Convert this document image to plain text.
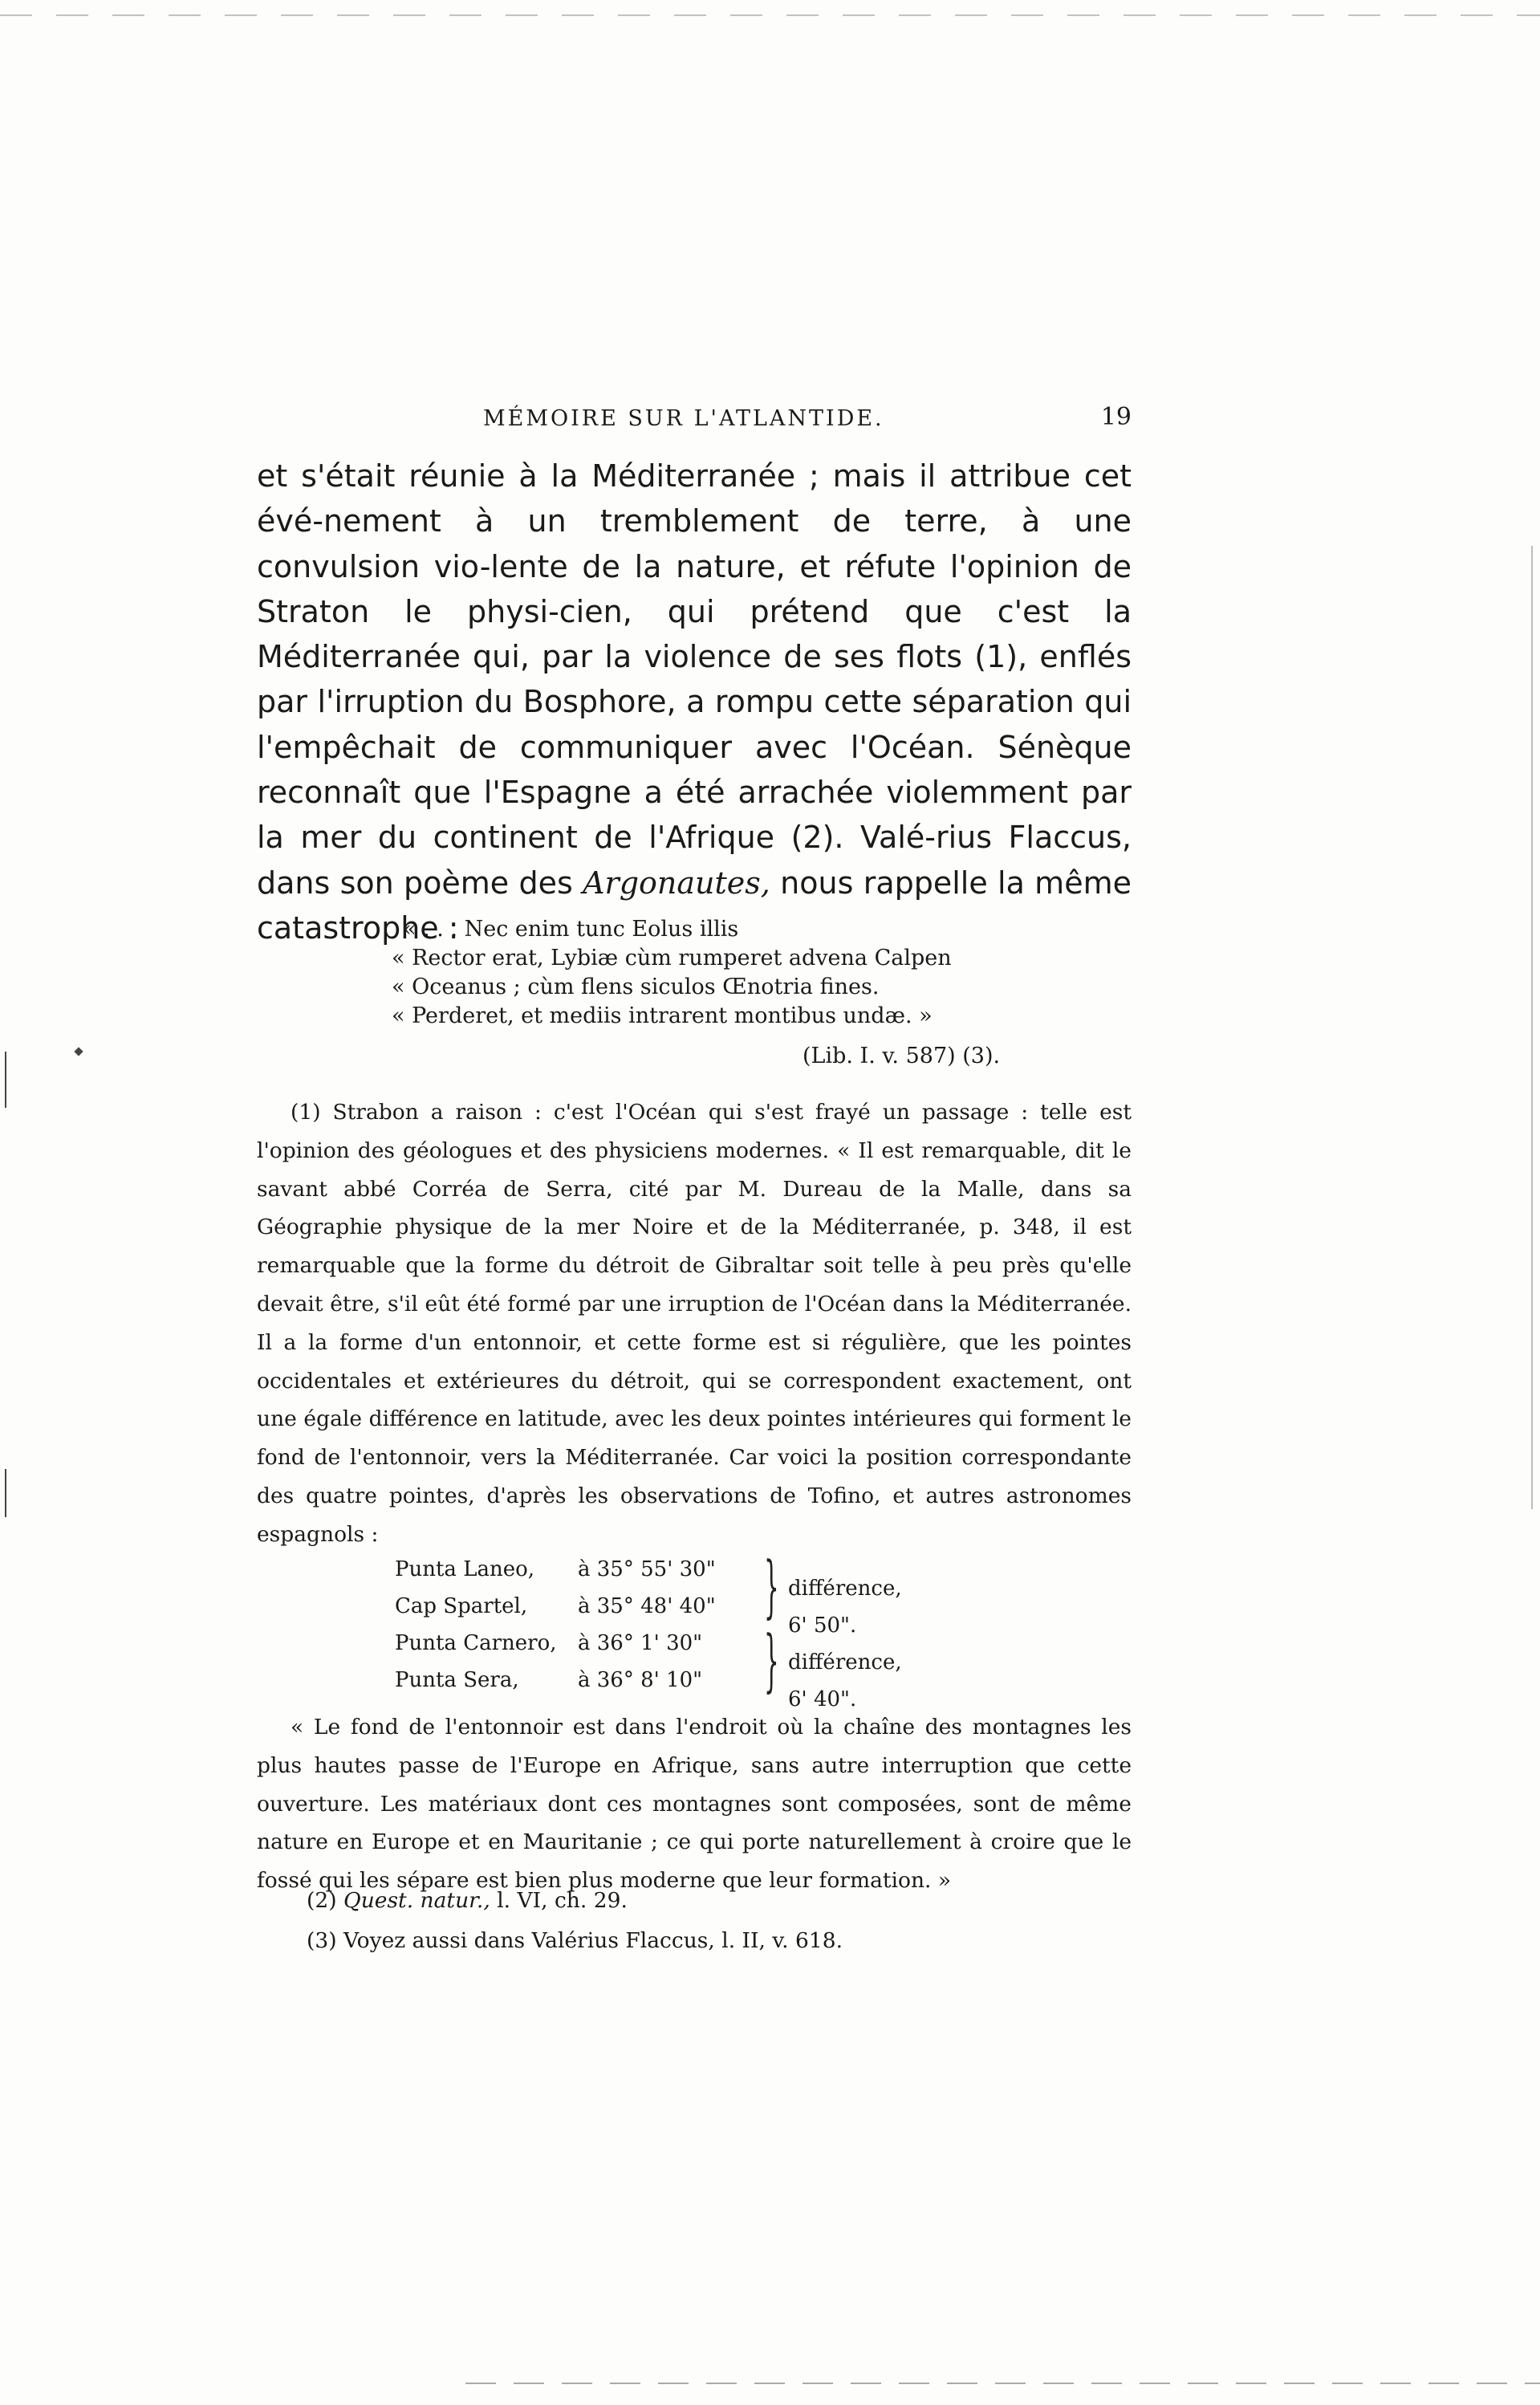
MÉMOIRE SUR L'ATLANTIDE.	19

et s'était réunie à la Méditerranée ; mais il attribue cet évé-nement à un tremblement de terre, à une convulsion vio-lente de la nature, et réfute l'opinion de Straton le physi-cien, qui prétend que c'est la Méditerranée qui, par la violence de ses flots (1), enflés par l'irruption du Bosphore, a rompu cette séparation qui l'empêchait de communiquer avec l'Océan. Sénèque reconnaît que l'Espagne a été arrachée violemment par la mer du continent de l'Afrique (2). Valé-rius Flaccus, dans son poème des Argonautes, nous rappelle la même catastrophe :

« . . . Nec enim tunc Eolus illis
« Rector erat, Lybiæ cùm rumperet advena Calpen
« Oceanus ; cùm flens siculos Œnotria fines.
« Perderet, et mediis intrarent montibus undæ. »
(Lib. I. v. 587) (3).

(1) Strabon a raison : c'est l'Océan qui s'est frayé un passage : telle est l'opinion des géologues et des physiciens modernes. « Il est remarquable, dit le savant abbé Corréa de Serra, cité par M. Dureau de la Malle, dans sa Géographie physique de la mer Noire et de la Méditerranée, p. 348, il est remarquable que la forme du détroit de Gibraltar soit telle à peu près qu'elle devait être, s'il eût été formé par une irruption de l'Océan dans la Méditerranée. Il a la forme d'un entonnoir, et cette forme est si régulière, que les pointes occidentales et extérieures du détroit, qui se correspondent exactement, ont une égale différence en latitude, avec les deux pointes intérieures qui forment le fond de l'entonnoir, vers la Méditerranée. Car voici la position correspondante des quatre pointes, d'après les observations de Tofino, et autres astronomes espagnols :

Punta Laneo,	à 35° 55' 30"
Cap Spartel,	à 35° 48' 40" } différence, 6' 50".
Punta Carnero,	à 36° 1' 30"
Punta Sera,	à 36° 8' 10" } différence, 6' 40".

« Le fond de l'entonnoir est dans l'endroit où la chaîne des montagnes les plus hautes passe de l'Europe en Afrique, sans autre interruption que cette ouverture. Les matériaux dont ces montagnes sont composées, sont de même nature en Europe et en Mauritanie ; ce qui porte naturellement à croire que le fossé qui les sépare est bien plus moderne que leur formation. »

(2) Quest. natur., l. VI, ch. 29.
(3) Voyez aussi dans Valérius Flaccus, l. II, v. 618.
